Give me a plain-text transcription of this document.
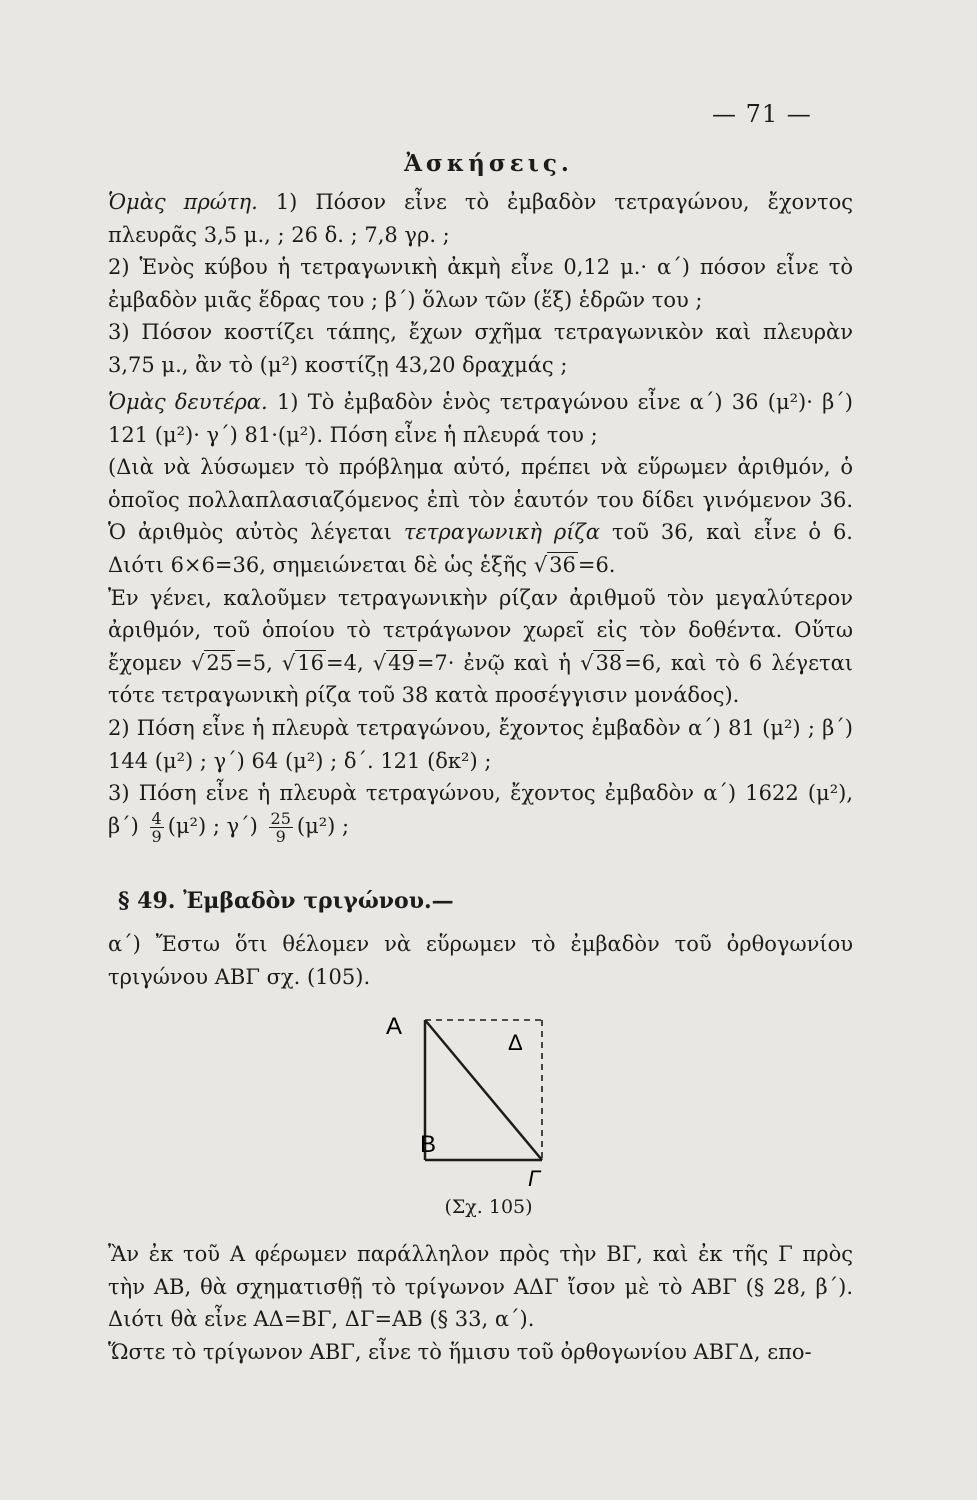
— 71 —
Ἀσκήσεις.

Ὁμὰς πρώτη. 1) Πόσον εἶνε τὸ ἐμβαδὸν τετραγώνου, ἔχοντος πλευρᾶς 3,5 μ., ; 26 δ. ; 7,8 γρ. ;

2) Ἑνὸς κύβου ἡ τετραγωνικὴ ἀκμὴ εἶνε 0,12 μ.· α΄) πόσον εἶνε τὸ ἐμβαδὸν μιᾶς ἕδρας του ; β΄) ὅλων τῶν (ἕξ) ἑδρῶν του ;

3) Πόσον κοστίζει τάπης, ἔχων σχῆμα τετραγωνικὸν καὶ πλευρὰν 3,75 μ., ἂν τὸ (μ²) κοστίζῃ 43,20 δραχμάς ;

Ὁμὰς δευτέρα. 1) Τὸ ἐμβαδὸν ἑνὸς τετραγώνου εἶνε α΄) 36 (μ²)· β΄) 121 (μ²)· γ΄) 81·(μ²). Πόση εἶνε ἡ πλευρά του ;

(Διὰ νὰ λύσωμεν τὸ πρόβλημα αὐτό, πρέπει νὰ εὕρωμεν ἀριθμόν, ὁ ὁποῖος πολλαπλασιαζόμενος ἐπὶ τὸν ἑαυτόν του δίδει γινόμενον 36. Ὁ ἀριθμὸς αὐτὸς λέγεται τετραγωνικὴ ρίζα τοῦ 36, καὶ εἶνε ὁ 6. Διότι 6×6=36, σημειώνεται δὲ ὡς ἑξῆς √36=6.

Ἐν γένει, καλοῦμεν τετραγωνικὴν ρίζαν ἀριθμοῦ τὸν μεγαλύτερον ἀριθμόν, τοῦ ὁποίου τὸ τετράγωνον χωρεῖ εἰς τὸν δοθέντα. Οὕτω ἔχομεν √25=5, √16=4, √49=7· ἐνῷ καὶ ἡ √38=6, καὶ τὸ 6 λέγεται τότε τετραγωνικὴ ρίζα τοῦ 38 κατὰ προσέγγισιν μονάδος).

2) Πόση εἶνε ἡ πλευρὰ τετραγώνου, ἔχοντος ἐμβαδὸν α΄) 81 (μ²) ; β΄) 144 (μ²) ; γ΄) 64 (μ²) ; δ΄. 121 (δκ²) ;

3) Πόση εἶνε ἡ πλευρὰ τετραγώνου, ἔχοντος ἐμβαδὸν α΄) 1622 (μ²), $\beta΄) \frac{4}{9} (\mu^2)$ ; $\gamma΄) \frac{25}{9} (\mu^2)$ ;

§ 49. Ἐμβαδὸν τριγώνου.—

α΄) Ἔστω ὅτι θέλομεν νὰ εὕρωμεν τὸ ἐμβαδὸν τοῦ ὀρθογωνίου τριγώνου ΑΒΓ σχ. (105).

Α
Δ
Β
Γ
(Σχ. 105)

Ἂν ἐκ τοῦ Α φέρωμεν παράλληλον πρὸς τὴν ΒΓ, καὶ ἐκ τῆς Γ πρὸς τὴν ΑΒ, θὰ σχηματισθῇ τὸ τρίγωνον ΑΔΓ ἴσον μὲ τὸ ΑΒΓ (§ 28, β΄). Διότι θὰ εἶνε ΑΔ=ΒΓ, ΔΓ=ΑΒ (§ 33, α΄).

Ὥστε τὸ τρίγωνον ΑΒΓ, εἶνε τὸ ἥμισυ τοῦ ὀρθογωνίου ΑΒΓΔ, επο-
